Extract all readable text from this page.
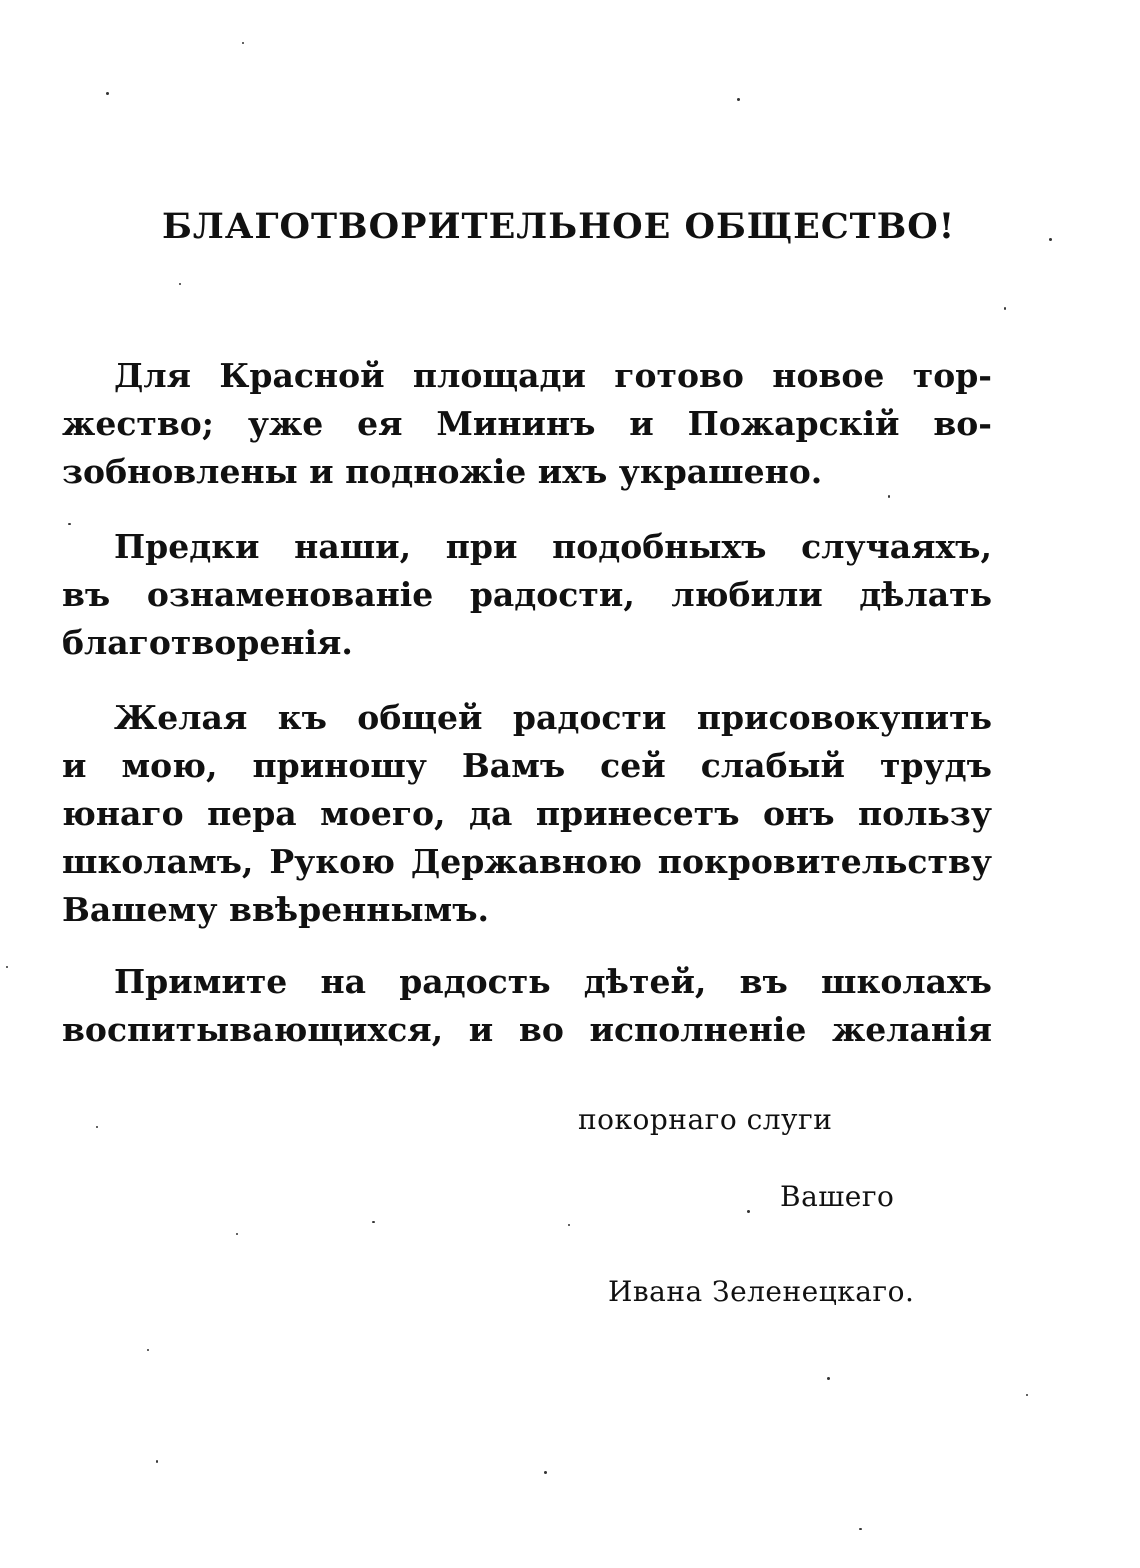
БЛАГОТВОРИТЕЛЬНОЕ ОБЩЕСТВО!

Для Красной площади готово новое тор-
жество; уже ея Мининъ и Пожарскій во-
зобновлены и подножіе ихъ украшено.

Предки наши, при подобныхъ случаяхъ,
въ ознаменованіе радости, любили дѣлать
благотворенія.

Желая къ общей радости присовокупить
и мою, приношу Вамъ сей слабый трудъ
юнаго пера моего, да принесетъ онъ пользу
школамъ, Рукою Державною покровительству
Вашему ввѣреннымъ.

Примите на радость дѣтей, въ школахъ
воспитывающихся, и во исполненіе желанія

покорнаго слуги
Вашего
Ивана Зеленецкаго.
